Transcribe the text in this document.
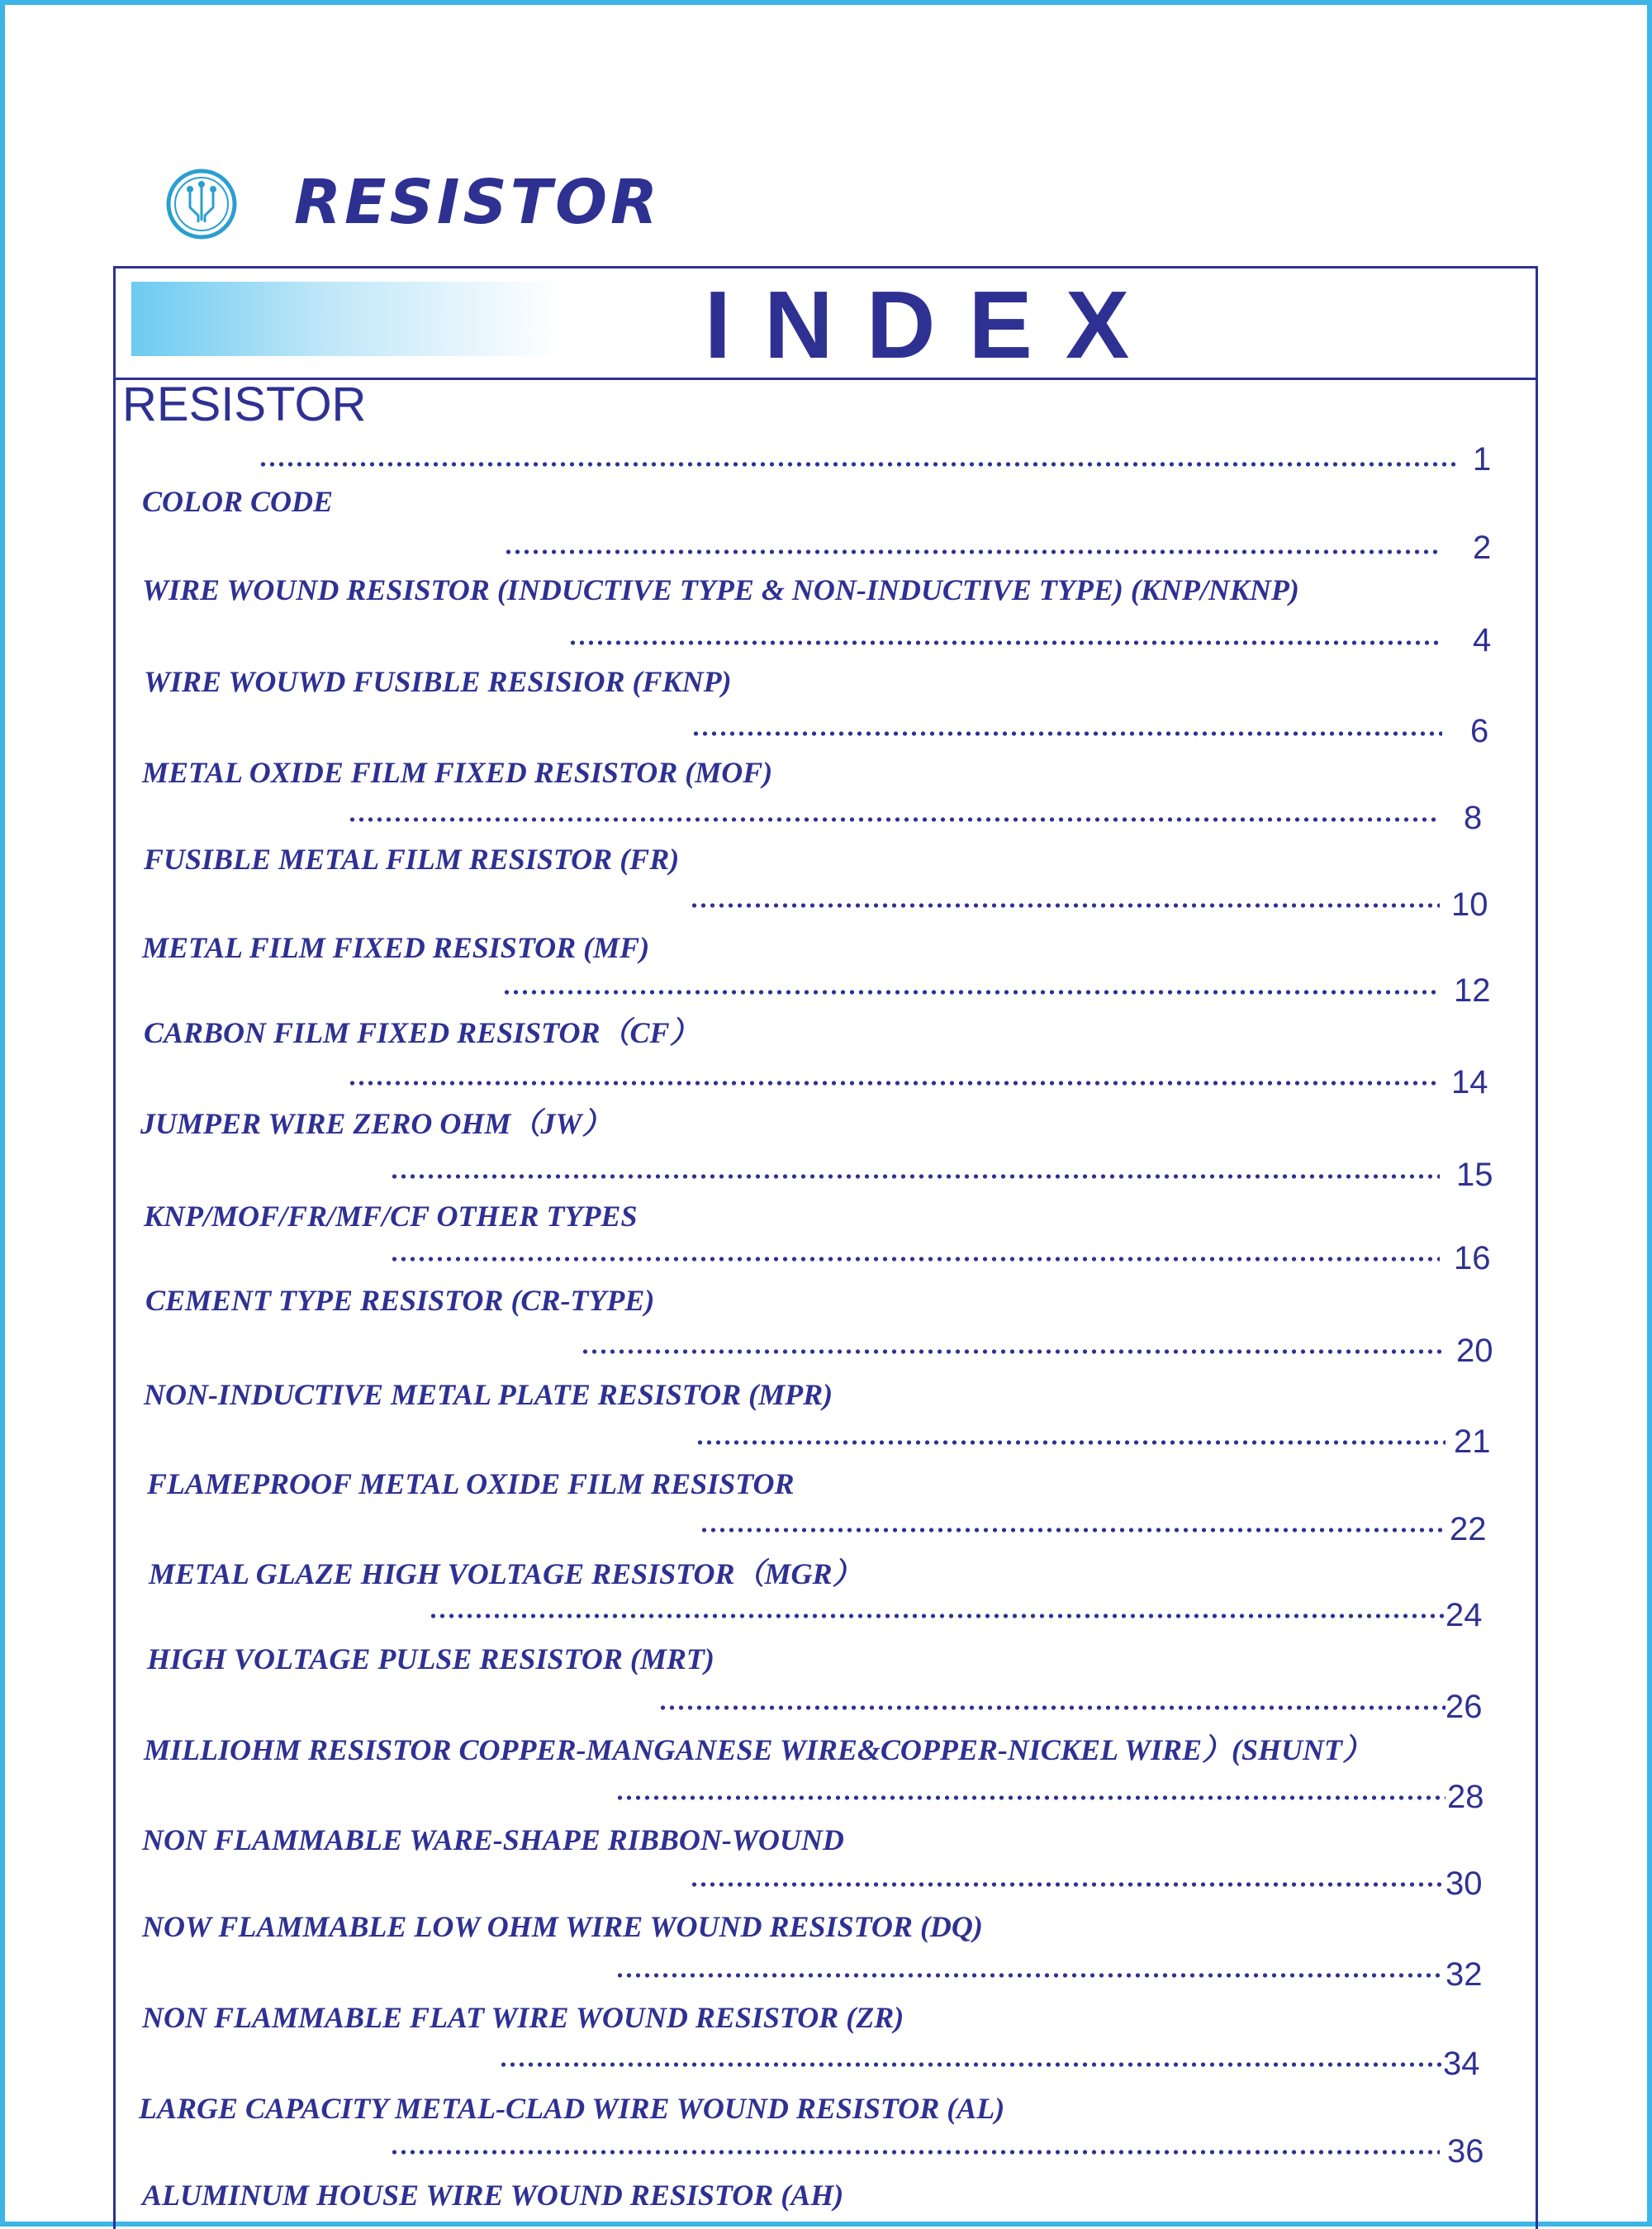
RESISTOR
INDEX
RESISTOR
1
COLOR CODE
2
WIRE WOUND RESISTOR (INDUCTIVE TYPE & NON-INDUCTIVE TYPE) (KNP/NKNP)
4
WIRE WOUWD FUSIBLE RESISIOR (FKNP)
6
METAL OXIDE FILM FIXED RESISTOR (MOF)
8
FUSIBLE METAL FILM RESISTOR (FR)
10
METAL FILM FIXED RESISTOR (MF)
12
CARBON FILM FIXED RESISTOR（CF）
14
JUMPER WIRE ZERO OHM（JW）
15
KNP/MOF/FR/MF/CF OTHER TYPES
16
CEMENT TYPE RESISTOR (CR-TYPE)
20
NON-INDUCTIVE METAL PLATE RESISTOR (MPR)
21
FLAMEPROOF METAL OXIDE FILM RESISTOR
22
METAL GLAZE HIGH VOLTAGE RESISTOR（MGR）
24
HIGH VOLTAGE PULSE RESISTOR (MRT)
26
MILLIOHM RESISTOR COPPER-MANGANESE WIRE&COPPER-NICKEL WIRE）(SHUNT）
28
NON FLAMMABLE WARE-SHAPE RIBBON-WOUND
30
NOW FLAMMABLE LOW OHM WIRE WOUND RESISTOR (DQ)
32
NON FLAMMABLE FLAT WIRE WOUND RESISTOR (ZR)
34
LARGE CAPACITY METAL-CLAD WIRE WOUND RESISTOR (AL)
36
ALUMINUM HOUSE WIRE WOUND RESISTOR (AH)
